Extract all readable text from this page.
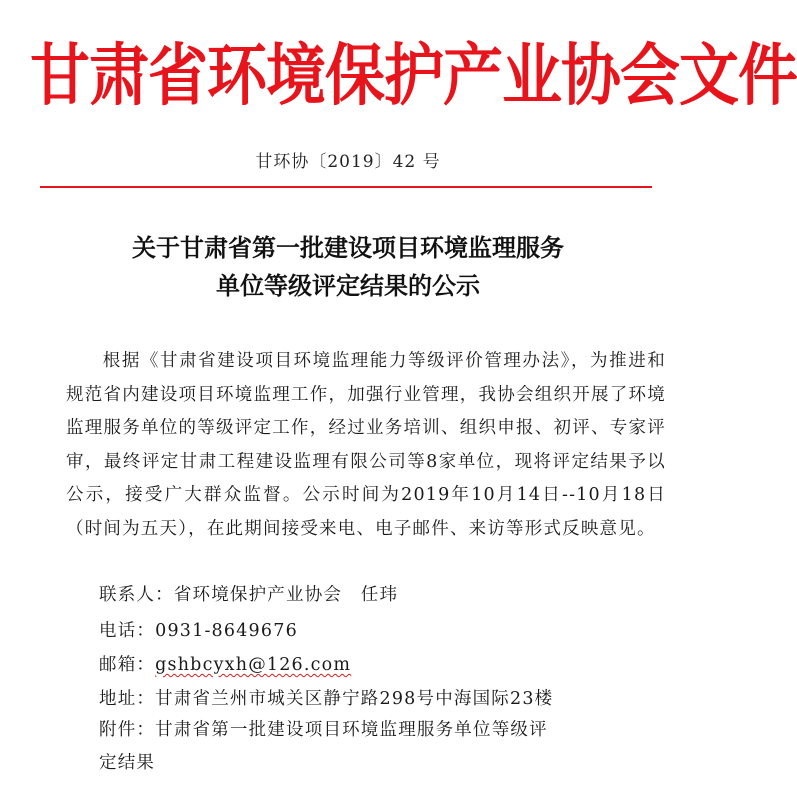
甘肃省环境保护产业协会文件
甘环协〔2019〕42 号
关于甘肃省第一批建设项目环境监理服务
单位等级评定结果的公示

根据《甘肃省建设项目环境监理能力等级评价管理办法》，为推进和规范省内建设项目环境监理工作，加强行业管理，我协会组织开展了环境监理服务单位的等级评定工作，经过业务培训、组织申报、初评、专家评审，最终评定甘肃工程建设监理有限公司等8家单位，现将评定结果予以公示，接受广大群众监督。公示时间为2019年10月14日--10月18日（时间为五天），在此期间接受来电、电子邮件、来访等形式反映意见。

联系人：省环境保护产业协会　任玮
电话：0931-8649676
邮箱：gshbcyxh@126.com
地址：甘肃省兰州市城关区静宁路298号中海国际23楼
附件：甘肃省第一批建设项目环境监理服务单位等级评
定结果
